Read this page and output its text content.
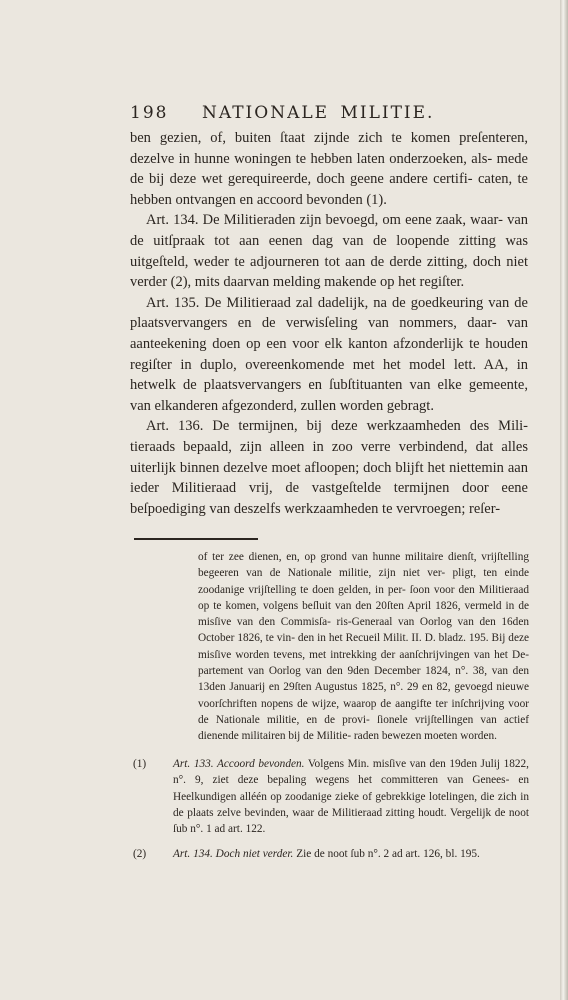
198 NATIONALE MILITIE.

ben gezien, of, buiten ſtaat zijnde zich te komen preſenteren, dezelve in hunne woningen te hebben laten onderzoeken, als- mede de bij deze wet gerequireerde, doch geene andere certifi- caten, te hebben ontvangen en accoord bevonden (1).

Art. 134. De Militieraden zijn bevoegd, om eene zaak, waar- van de uitſpraak tot aan eenen dag van de loopende zitting was uitgeſteld, weder te adjourneren tot aan de derde zitting, doch niet verder (2), mits daarvan melding makende op het regiſter.

Art. 135. De Militieraad zal dadelijk, na de goedkeuring van de plaatsvervangers en de verwisſeling van nommers, daar- van aanteekening doen op een voor elk kanton afzonderlijk te houden regiſter in duplo, overeenkomende met het model lett. AA, in hetwelk de plaatsvervangers en ſubſtituanten van elke gemeente, van elkanderen afgezonderd, zullen worden gebragt.

Art. 136. De termijnen, bij deze werkzaamheden des Mili- tieraads bepaald, zijn alleen in zoo verre verbindend, dat alles uiterlijk binnen dezelve moet afloopen; doch blijft het niettemin aan ieder Militieraad vrij, de vastgeſtelde termijnen door eene beſpoediging van deszelfs werkzaamheden te vervroegen; reſer-

of ter zee dienen, en, op grond van hunne militaire dienſt, vrijſtelling begeeren van de Nationale militie, zijn niet ver- pligt, ten einde zoodanige vrijſtelling te doen gelden, in per- ſoon voor den Militieraad op te komen, volgens beſluit van den 20ſten April 1826, vermeld in de misſive van den Commisſa- ris-Generaal van Oorlog van den 16den October 1826, te vin- den in het Recueil Milit. II. D. bladz. 195. Bij deze misſive worden tevens, met intrekking der aanſchrijvingen van het De- partement van Oorlog van den 9den December 1824, n°. 38, van den 13den Januarij en 29ſten Augustus 1825, n°. 29 en 82, gevoegd nieuwe voorſchriften nopens de wijze, waarop de aangifte ter inſchrijving voor de Nationale militie, en de provi- ſionele vrijſtellingen van actief dienende militairen bij de Militie- raden bewezen moeten worden.

(1) Art. 133. Accoord bevonden. Volgens Min. misſive van den 19den Julij 1822, n°. 9, ziet deze bepaling wegens het committeren van Genees- en Heelkundigen alléén op zoodanige zieke of gebrekkige lotelingen, die zich in de plaats zelve bevinden, waar de Militieraad zitting houdt. Vergelijk de noot ſub n°. 1 ad art. 122.
(2) Art. 134. Doch niet verder. Zie de noot ſub n°. 2 ad art. 126, bl. 195.
